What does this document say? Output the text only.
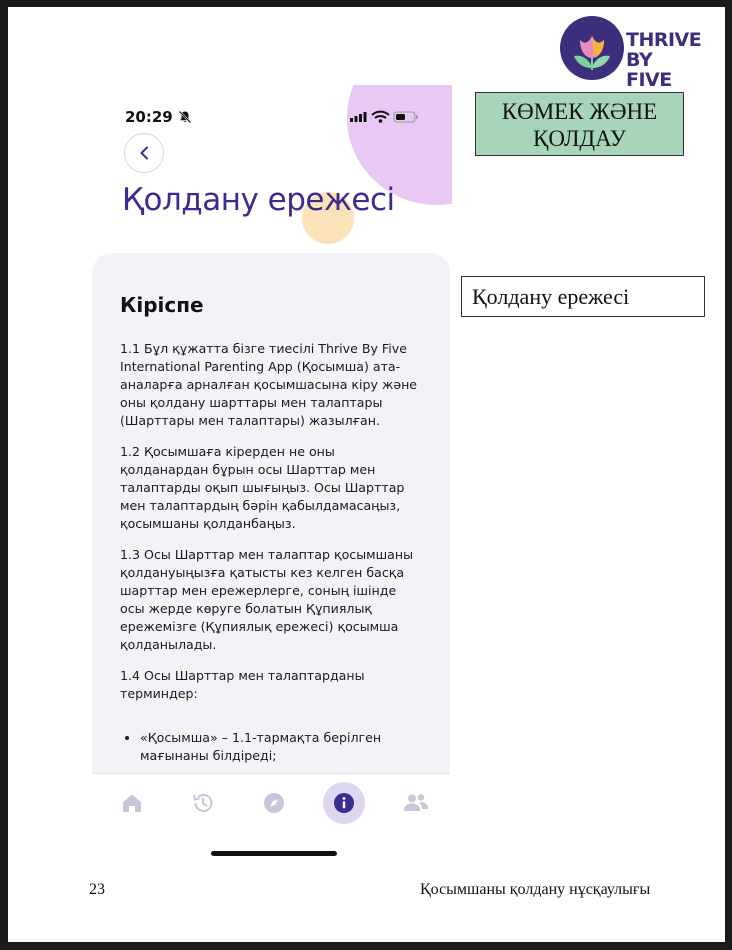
THRIVE
BY FIVE
КӨМЕК ЖӘНЕ
ҚОЛДАУ
Қолдану ережесі
20:29
Қолдану ережесі
Кіріспе

1.1 Бұл құжатта бізге тиесілі Thrive By Five International Parenting App (Қосымша) ата-аналарға арналған қосымшасына кіру және оны қолдану шарттары мен талаптары (Шарттары мен талаптары) жазылған.

1.2 Қосымшаға кірерден не оны қолданардан бұрын осы Шарттар мен талаптарды оқып шығыңыз. Осы Шарттар мен талаптардың бәрін қабылдамасаңыз, қосымшаны қолданбаңыз.

1.3 Осы Шарттар мен талаптар қосымшаны қолдануыңызға қатысты кез келген басқа шарттар мен ережерлерге, соның ішінде осы жерде көруге болатын Құпиялық ережемізге (Құпиялық ережесі) қосымша қолданылады.

1.4 Осы Шарттар мен талаптарданы терминдер:

• «Қосымша» – 1.1-тармақта берілген мағынаны білдіреді;
23	Қосымшаны қолдану нұсқаулығы
